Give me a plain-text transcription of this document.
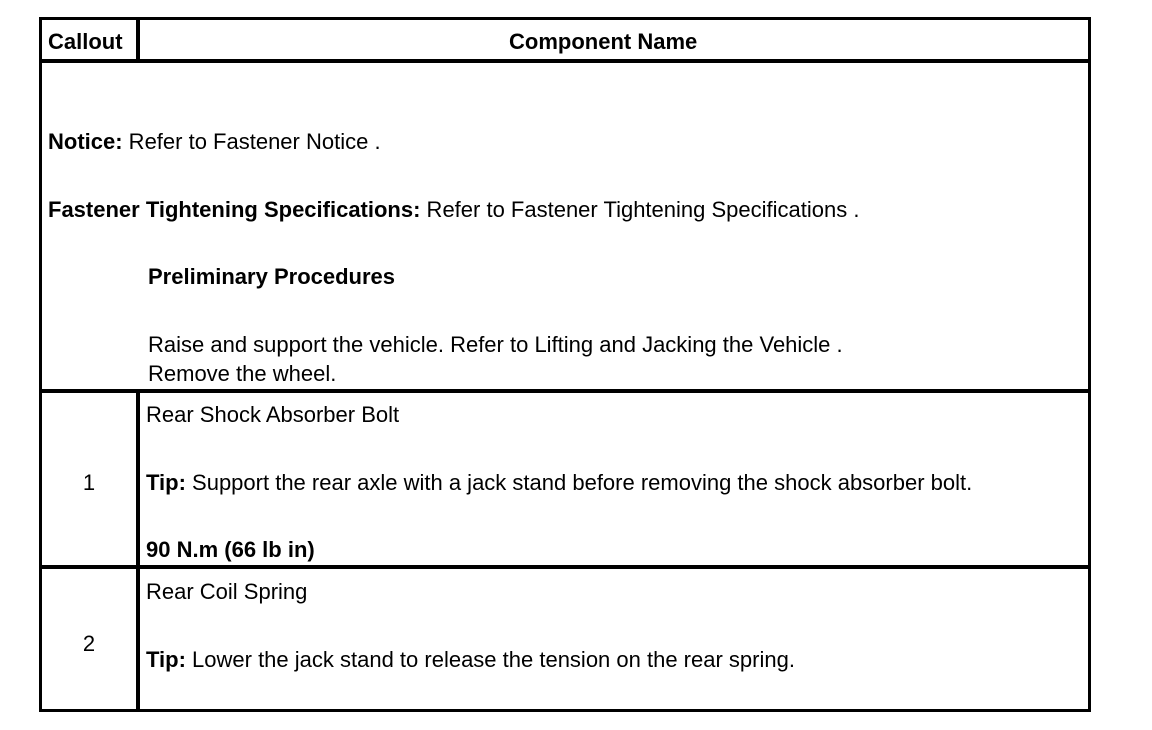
Callout	Component Name
Notice: Refer to Fastener Notice .
Fastener Tightening Specifications: Refer to Fastener Tightening Specifications .
Preliminary Procedures
Raise and support the vehicle. Refer to Lifting and Jacking the Vehicle .
Remove the wheel.
1
Rear Shock Absorber Bolt
Tip: Support the rear axle with a jack stand before removing the shock absorber bolt.
90 N.m (66 lb in)
2
Rear Coil Spring
Tip: Lower the jack stand to release the tension on the rear spring.
